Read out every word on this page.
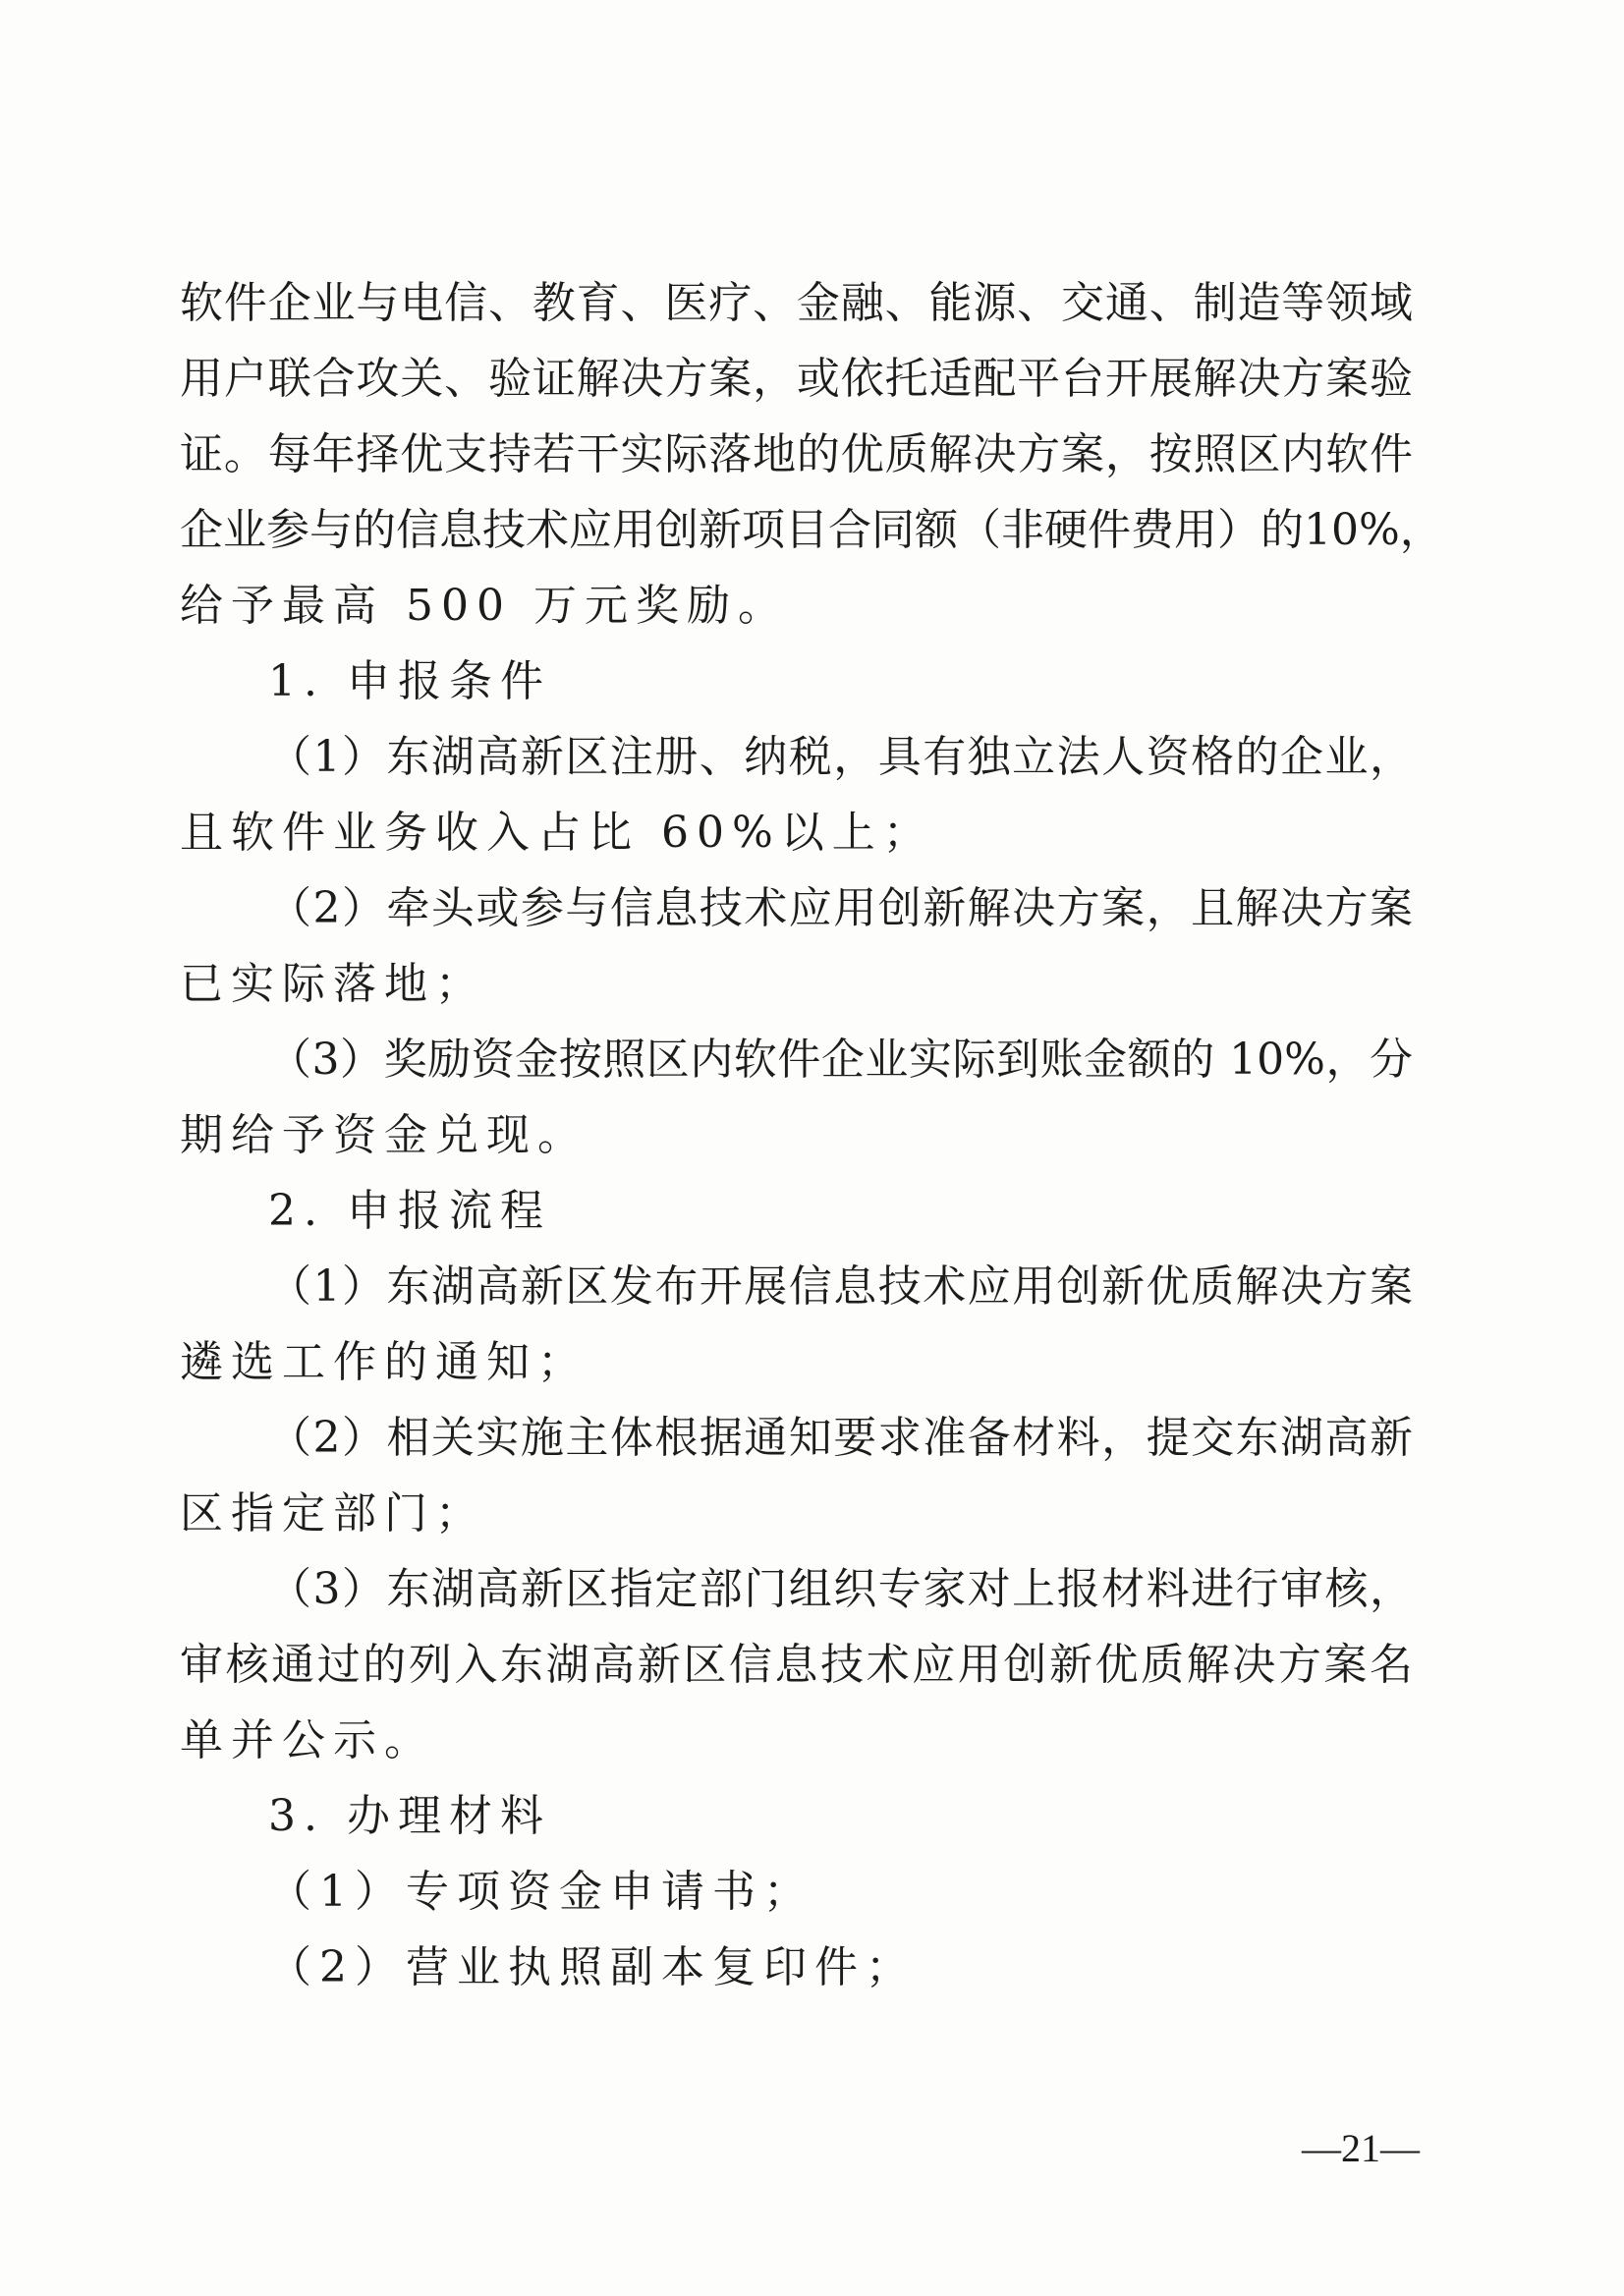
软件企业与电信、教育、医疗、金融、能源、交通、制造等领域
用户联合攻关、验证解决方案，或依托适配平台开展解决方案验
证。每年择优支持若干实际落地的优质解决方案，按照区内软件
企业参与的信息技术应用创新项目合同额（非硬件费用）的10%，
给予最高 500 万元奖励。
1. 申报条件
（1）东湖高新区注册、纳税，具有独立法人资格的企业，
且软件业务收入占比 60%以上；
（2）牵头或参与信息技术应用创新解决方案，且解决方案
已实际落地；
（3）奖励资金按照区内软件企业实际到账金额的 10%，分
期给予资金兑现。
2. 申报流程
（1）东湖高新区发布开展信息技术应用创新优质解决方案
遴选工作的通知；
（2）相关实施主体根据通知要求准备材料，提交东湖高新
区指定部门；
（3）东湖高新区指定部门组织专家对上报材料进行审核，
审核通过的列入东湖高新区信息技术应用创新优质解决方案名
单并公示。
3. 办理材料
（1）专项资金申请书；
（2）营业执照副本复印件；
—21—
